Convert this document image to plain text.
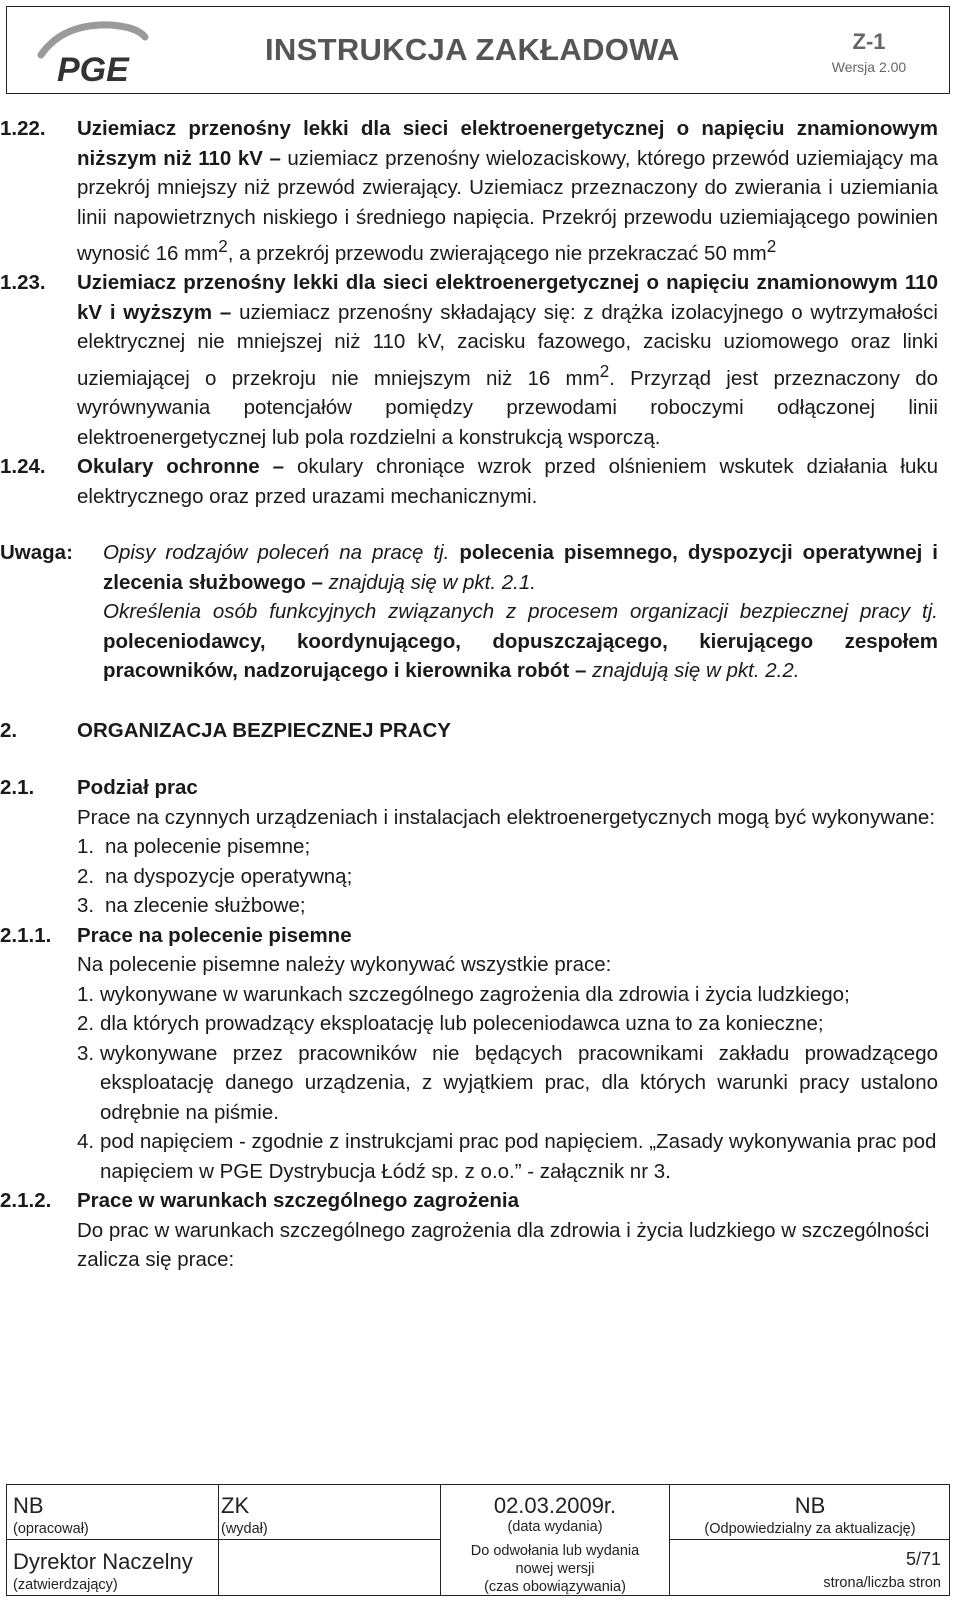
PGE
INSTRUKCJA ZAKŁADOWA	Z-1
Wersja 2.00
1.22. Uziemiacz przenośny lekki dla sieci elektroenergetycznej o napięciu znamionowym niższym niż 110 kV – uziemiacz przenośny wielozaciskowy, którego przewód uziemiający ma przekrój mniejszy niż przewód zwierający. Uziemiacz przeznaczony do zwierania i uziemiania linii napowietrznych niskiego i średniego napięcia. Przekrój przewodu uziemiającego powinien wynosić 16 $mm^2$, a przekrój przewodu zwierającego nie przekraczać 50 $mm^2$
1.23. Uziemiacz przenośny lekki dla sieci elektroenergetycznej o napięciu znamionowym 110 kV i wyższym – uziemiacz przenośny składający się: z drążka izolacyjnego o wytrzymałości elektrycznej nie mniejszej niż 110 kV, zacisku fazowego, zacisku uziomowego oraz linki uziemiającej o przekroju nie mniejszym niż 16 $mm^2$. Przyrząd jest przeznaczony do wyrównywania potencjałów pomiędzy przewodami roboczymi odłączonej linii elektroenergetycznej lub pola rozdzielni a konstrukcją wsporczą.
1.24. Okulary ochronne – okulary chroniące wzrok przed olśnieniem wskutek działania łuku elektrycznego oraz przed urazami mechanicznymi.
Uwaga: Opisy rodzajów poleceń na pracę tj. polecenia pisemnego, dyspozycji operatywnej i zlecenia służbowego – znajdują się w pkt. 2.1.
Określenia osób funkcyjnych związanych z procesem organizacji bezpiecznej pracy tj. poleceniodawcy, koordynującego, dopuszczającego, kierującego zespołem pracowników, nadzorującego i kierownika robót – znajdują się w pkt. 2.2.
2.	ORGANIZACJA BEZPIECZNEJ PRACY
2.1. Podział prac
Prace na czynnych urządzeniach i instalacjach elektroenergetycznych mogą być wykonywane:
1. na polecenie pisemne;
2. na dyspozycje operatywną;
3. na zlecenie służbowe;
2.1.1. Prace na polecenie pisemne
Na polecenie pisemne należy wykonywać wszystkie prace:
1. wykonywane w warunkach szczególnego zagrożenia dla zdrowia i życia ludzkiego;
2. dla których prowadzący eksploatację lub poleceniodawca uzna to za konieczne;
3. wykonywane przez pracowników nie będących pracownikami zakładu prowadzącego eksploatację danego urządzenia, z wyjątkiem prac, dla których warunki pracy ustalono odrębnie na piśmie.
4. pod napięciem - zgodnie z instrukcjami prac pod napięciem. „Zasady wykonywania prac pod napięciem w PGE Dystrybucja Łódź sp. z o.o.” - załącznik nr 3.
2.1.2. Prace w warunkach szczególnego zagrożenia
Do prac w warunkach szczególnego zagrożenia dla zdrowia i życia ludzkiego w szczególności zalicza się prace:
NB
(opracował)
ZK
(wydał)
02.03.2009r.
(data wydania)
NB
(Odpowiedzialny za aktualizację)
Dyrektor Naczelny
(zatwierdzający)
Do odwołania lub wydania
nowej wersji
(czas obowiązywania)
5/71
strona/liczba stron
